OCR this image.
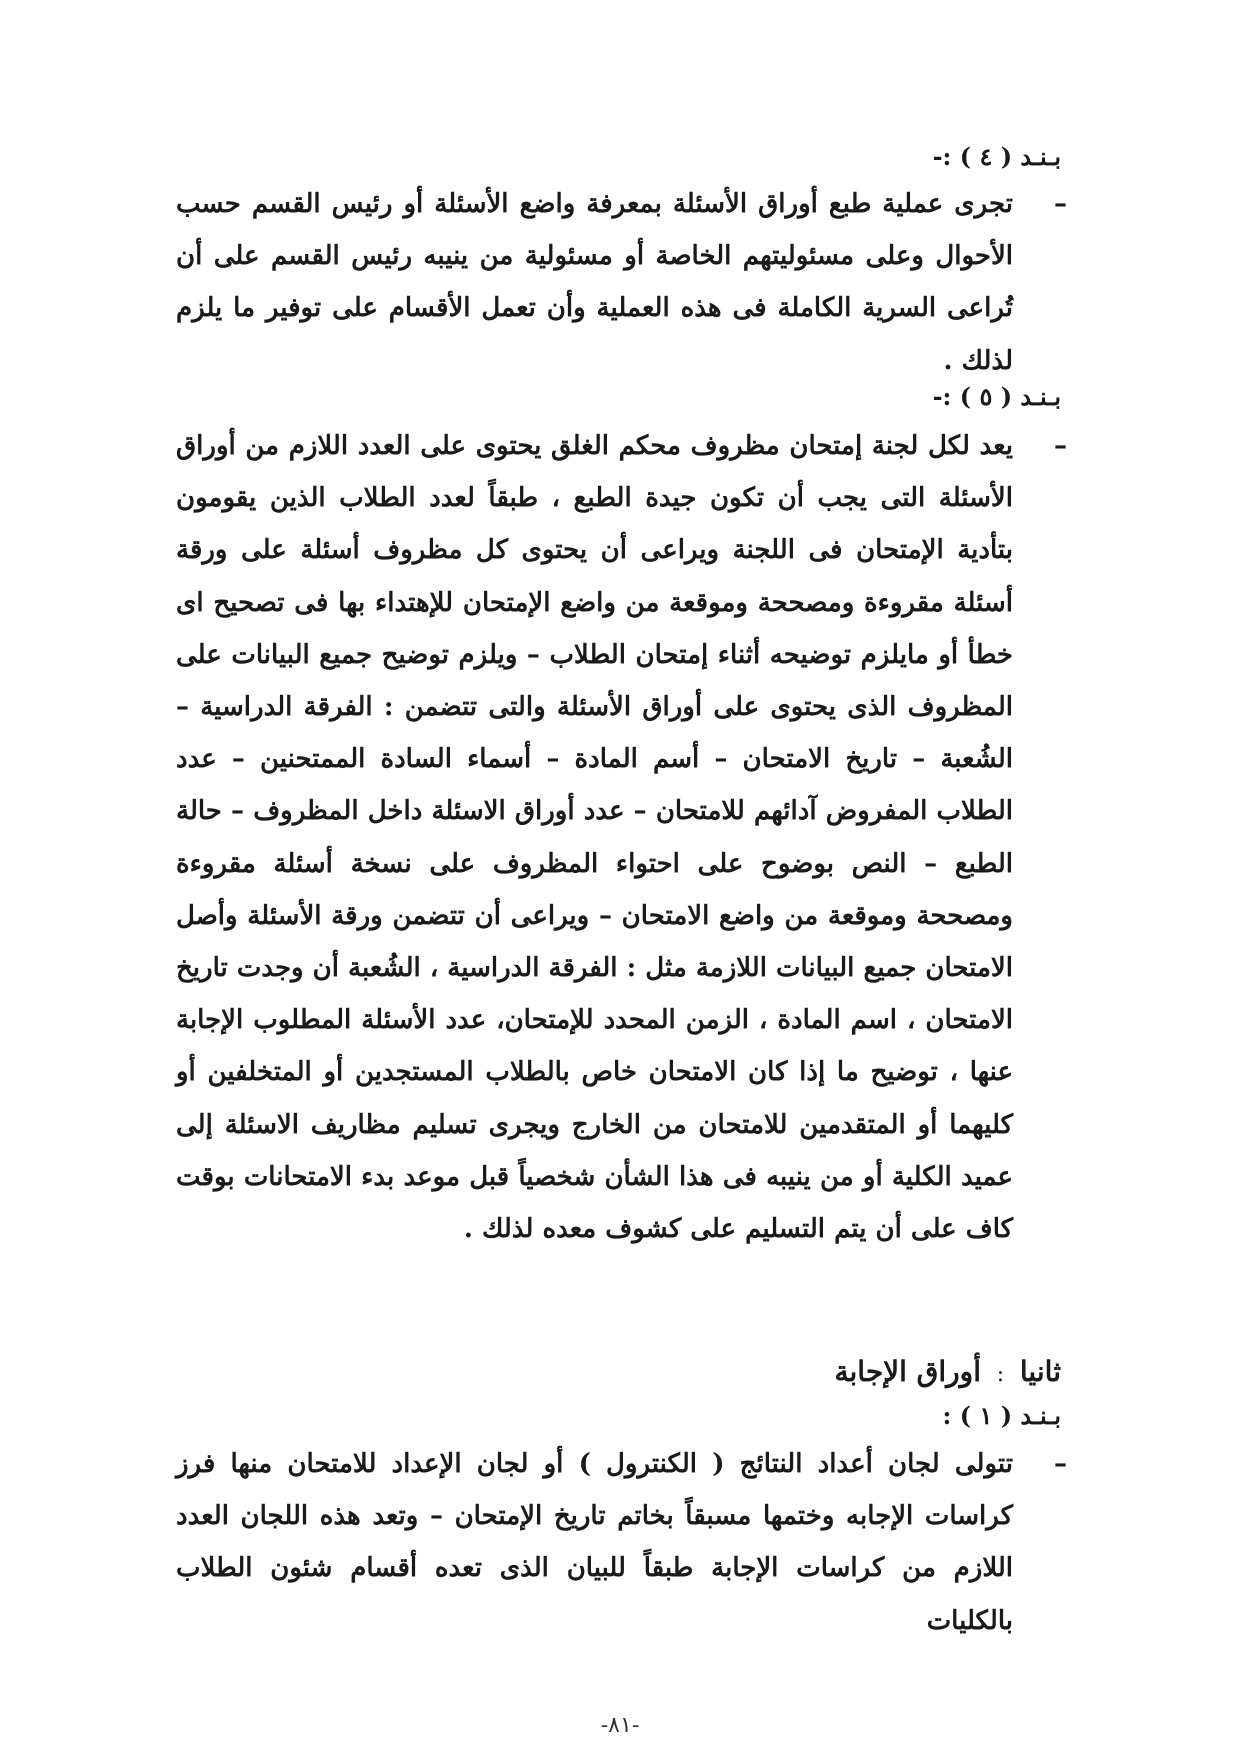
بـنـد ( ٤ ) :-
–

تجرى عملية طبع أوراق الأسئلة بمعرفة واضع الأسئلة أو رئيس القسم حسب الأحوال وعلى مسئوليتهم الخاصة أو مسئولية من ينيبه رئيس القسم على أن تُراعى السرية الكاملة فى هذه العملية وأن تعمل الأقسام على توفير ما يلزم لذلك .

بـنـد ( ٥ ) :-
–

يعد لكل لجنة إمتحان مظروف محكم الغلق يحتوى على العدد اللازم من أوراق الأسئلة التى يجب أن تكون جيدة الطبع ، طبقاً لعدد الطلاب الذين يقومون بتأدية الإمتحان فى اللجنة ويراعى أن يحتوى كل مظروف أسئلة على ورقة أسئلة مقروءة ومصححة وموقعة من واضع الإمتحان للإهتداء بها فى تصحيح اى خطأ أو مايلزم توضيحه أثناء إمتحان الطلاب – ويلزم توضيح جميع البيانات على المظروف الذى يحتوى على أوراق الأسئلة والتى تتضمن : الفرقة الدراسية – الشُعبة – تاريخ الامتحان – أسم المادة – أسماء السادة الممتحنين – عدد الطلاب المفروض آدائهم للامتحان – عدد أوراق الاسئلة داخل المظروف – حالة الطبع – النص بوضوح على احتواء المظروف على نسخة أسئلة مقروءة ومصححة وموقعة من واضع الامتحان – ويراعى أن تتضمن ورقة الأسئلة وأصل الامتحان جميع البيانات اللازمة مثل : الفرقة الدراسية ، الشُعبة أن وجدت تاريخ الامتحان ، اسم المادة ، الزمن المحدد للإمتحان، عدد الأسئلة المطلوب الإجابة عنها ، توضيح ما إذا كان الامتحان خاص بالطلاب المستجدين أو المتخلفين أو كليهما أو المتقدمين للامتحان من الخارج ويجرى تسليم مظاريف الاسئلة إلى عميد الكلية أو من ينيبه فى هذا الشأن شخصياً قبل موعد بدء الامتحانات بوقت كاف على أن يتم التسليم على كشوف معده لذلك .

ثانيا : أوراق الإجابة
بـنـد ( ١ ) :
–

تتولى لجان أعداد النتائج ( الكنترول ) أو لجان الإعداد للامتحان منها فرز كراسات الإجابه وختمها مسبقاً بخاتم تاريخ الإمتحان – وتعد هذه اللجان العدد اللازم من كراسات الإجابة طبقاً للبيان الذى تعده أقسام شئون الطلاب بالكليات

-٨١-
